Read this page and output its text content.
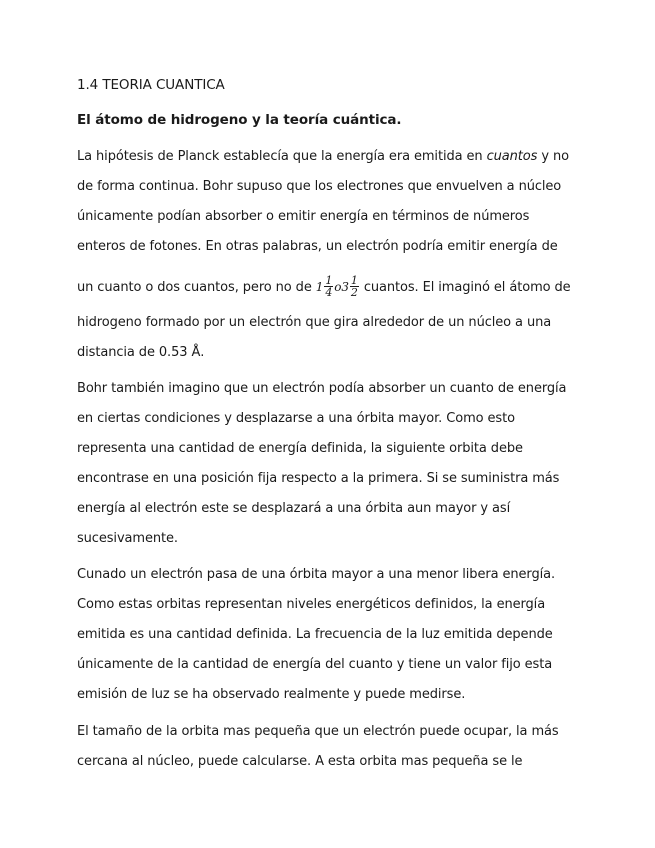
1.4 TEORIA CUANTICA
El átomo de hidrogeno y la teoría cuántica.
La hipótesis de Planck establecía que la energía era emitida en cuantos y no
de forma continua. Bohr supuso que los electrones que envuelven a núcleo
únicamente podían absorber o emitir energía en términos de números
enteros de fotones. En otras palabras, un electrón podría emitir energía de
un cuanto o dos cuantos, pero no de $1 \frac{1}{4} o3 \frac{1}{2}$ cuantos. El imaginó el átomo de
hidrogeno formado por un electrón que gira alrededor de un núcleo a una
distancia de 0.53 Å.
Bohr también imagino que un electrón podía absorber un cuanto de energía
en ciertas condiciones y desplazarse a una órbita mayor. Como esto
representa una cantidad de energía definida, la siguiente orbita debe
encontrase en una posición fija respecto a la primera. Si se suministra más
energía al electrón este se desplazará a una órbita aun mayor y así
sucesivamente.
Cunado un electrón pasa de una órbita mayor a una menor libera energía.
Como estas orbitas representan niveles energéticos definidos, la energía
emitida es una cantidad definida. La frecuencia de la luz emitida depende
únicamente de la cantidad de energía del cuanto y tiene un valor fijo esta
emisión de luz se ha observado realmente y puede medirse.
El tamaño de la orbita mas pequeña que un electrón puede ocupar, la más
cercana al núcleo, puede calcularse. A esta orbita mas pequeña se le
